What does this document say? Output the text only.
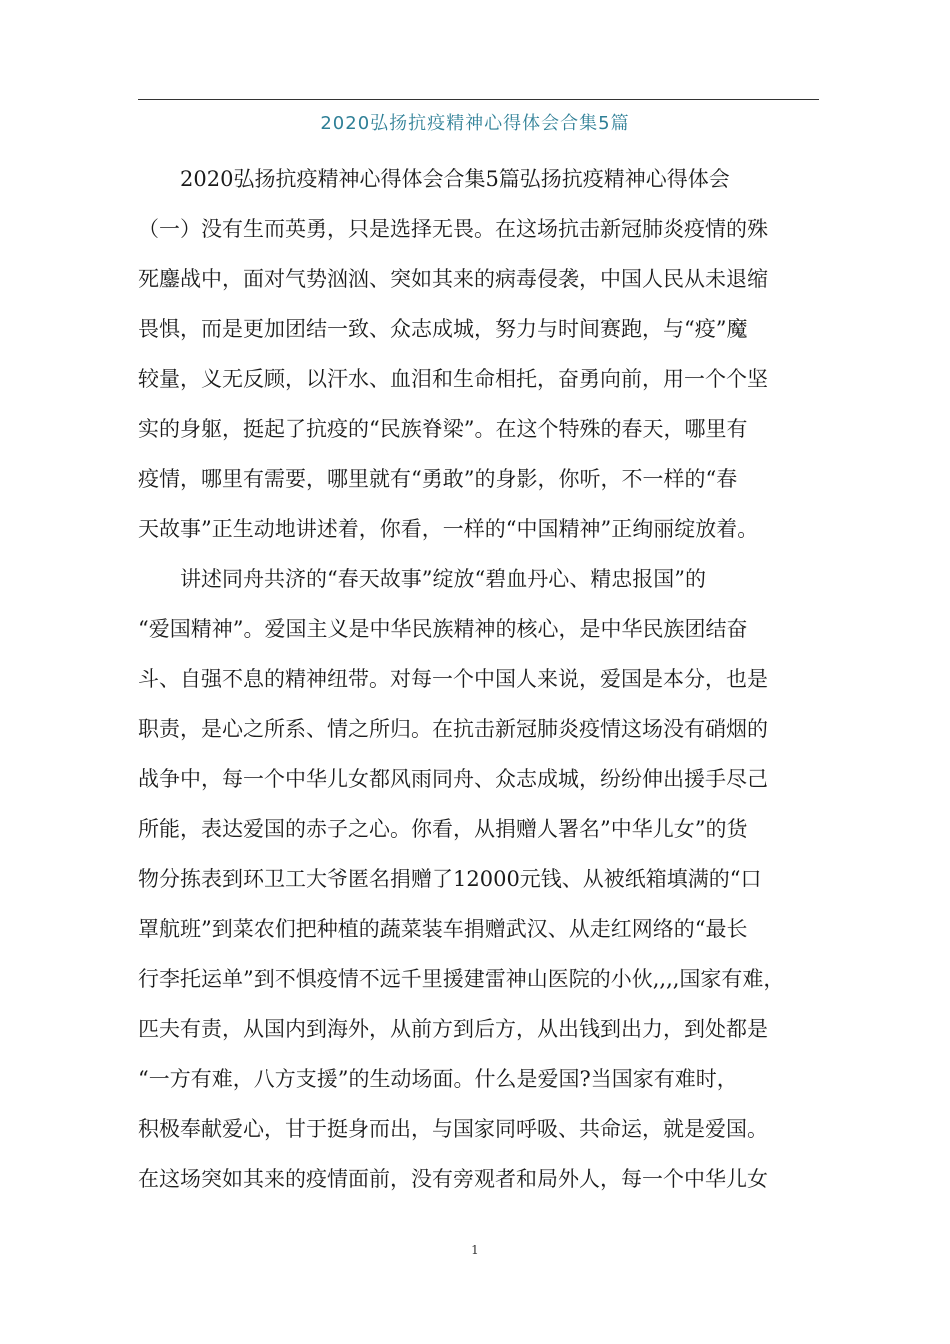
2020弘扬抗疫精神心得体会合集5篇
2020弘扬抗疫精神心得体会合集5篇弘扬抗疫精神心得体会
（一）没有生而英勇，只是选择无畏。在这场抗击新冠肺炎疫情的殊
死鏖战中，面对气势汹汹、突如其来的病毒侵袭，中国人民从未退缩
畏惧，而是更加团结一致、众志成城，努力与时间赛跑，与“疫”魔
较量，义无反顾，以汗水、血泪和生命相托，奋勇向前，用一个个坚
实的身躯，挺起了抗疫的“民族脊梁”。在这个特殊的春天，哪里有
疫情，哪里有需要，哪里就有“勇敢”的身影，你听，不一样的“春
天故事”正生动地讲述着，你看，一样的“中国精神”正绚丽绽放着。
讲述同舟共济的“春天故事”绽放“碧血丹心、精忠报国”的
“爱国精神”。爱国主义是中华民族精神的核心，是中华民族团结奋
斗、自强不息的精神纽带。对每一个中国人来说，爱国是本分，也是
职责，是心之所系、情之所归。在抗击新冠肺炎疫情这场没有硝烟的
战争中，每一个中华儿女都风雨同舟、众志成城，纷纷伸出援手尽己
所能，表达爱国的赤子之心。你看，从捐赠人署名”中华儿女”的货
物分拣表到环卫工大爷匿名捐赠了12000元钱、从被纸箱填满的“口
罩航班”到菜农们把种植的蔬菜装车捐赠武汉、从走红网络的“最长
行李托运单”到不惧疫情不远千里援建雷神山医院的小伙,,,,国家有难，
匹夫有责，从国内到海外，从前方到后方，从出钱到出力，到处都是
“一方有难，八方支援”的生动场面。什么是爱国?当国家有难时，
积极奉献爱心，甘于挺身而出，与国家同呼吸、共命运，就是爱国。
在这场突如其来的疫情面前，没有旁观者和局外人，每一个中华儿女
1
